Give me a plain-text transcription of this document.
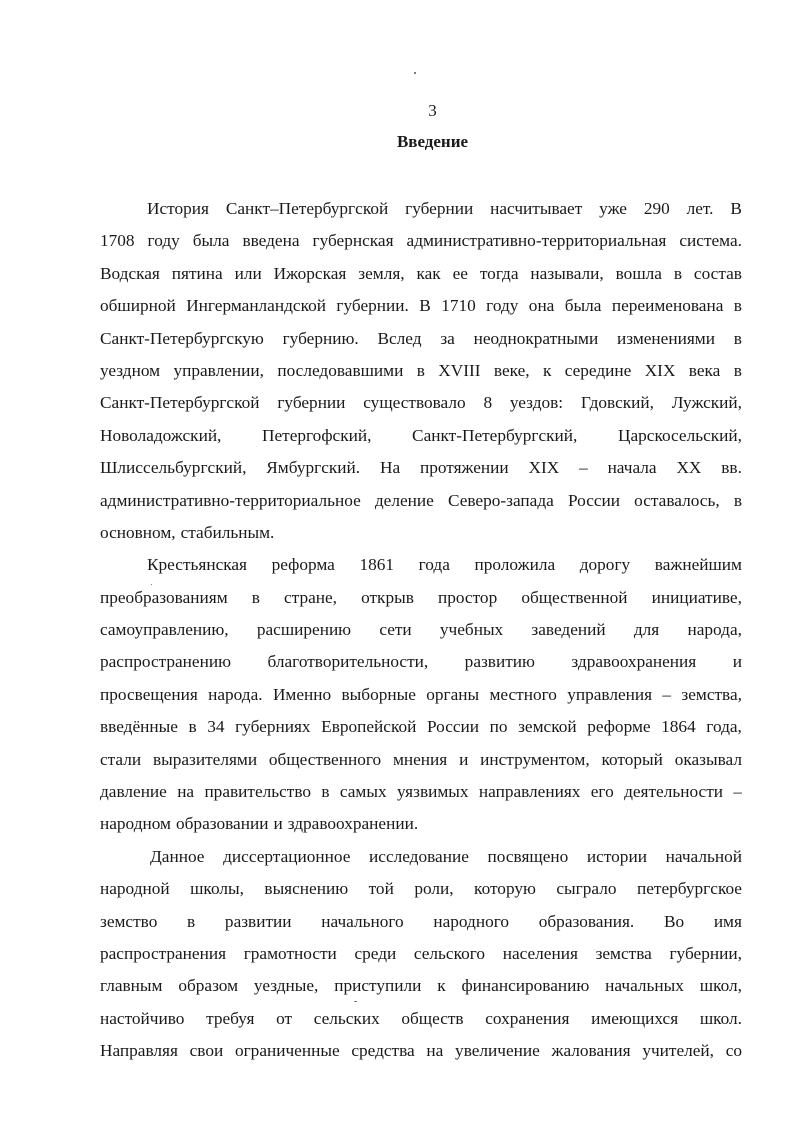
3
Введение
История Санкт–Петербургской губернии насчитывает уже 290 лет. В
1708 году была введена губернская административно-территориальная система.
Водская пятина или Ижорская земля, как ее тогда называли, вошла в состав
обширной Ингерманландской губернии. В 1710 году она была переименована в
Санкт-Петербургскую губернию. Вслед за неоднократными изменениями в
уездном управлении, последовавшими в XVIII веке, к середине XIX века в
Санкт-Петербургской губернии существовало 8 уездов: Гдовский, Лужский,
Новоладожский, Петергофский, Санкт-Петербургский, Царскосельский,
Шлиссельбургский, Ямбургский. На протяжении XIX – начала XX вв.
административно-территориальное деление Северо-запада России оставалось, в
основном, стабильным.
Крестьянская реформа 1861 года проложила дорогу важнейшим
преобразованиям в стране, открыв простор общественной инициативе,
самоуправлению, расширению сети учебных заведений для народа,
распространению благотворительности, развитию здравоохранения и
просвещения народа. Именно выборные органы местного управления – земства,
введённые в 34 губерниях Европейской России по земской реформе 1864 года,
стали выразителями общественного мнения и инструментом, который оказывал
давление на правительство в самых уязвимых направлениях его деятельности –
народном образовании и здравоохранении.
Данное диссертационное исследование посвящено истории начальной
народной школы, выяснению той роли, которую сыграло петербургское
земство в развитии начального народного образования. Во имя
распространения грамотности среди сельского населения земства губернии,
главным образом уездные, приступили к финансированию начальных школ,
настойчиво требуя от сельских обществ сохранения имеющихся школ.
Направляя свои ограниченные средства на увеличение жалования учителей, со
